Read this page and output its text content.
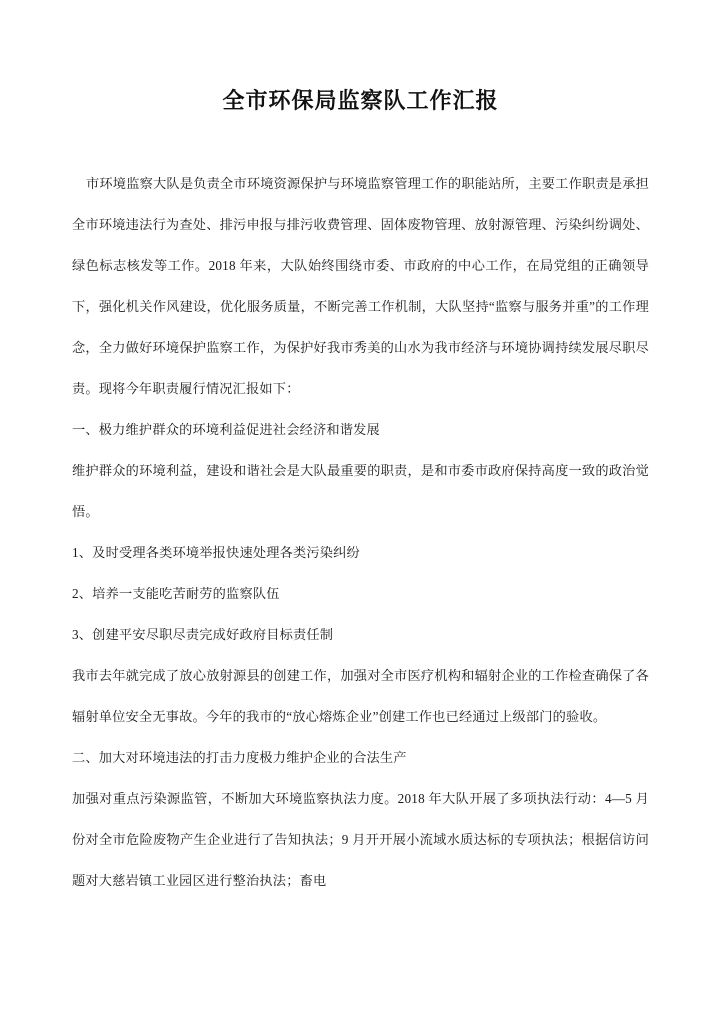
全市环保局监察队工作汇报

市环境监察大队是负责全市环境资源保护与环境监察管理工作的职能站所，主要工作职责是承担全市环境违法行为查处、排污申报与排污收费管理、固体废物管理、放射源管理、污染纠纷调处、绿色标志核发等工作。2018 年来，大队始终围绕市委、市政府的中心工作，在局党组的正确领导下，强化机关作风建设，优化服务质量，不断完善工作机制，大队坚持“监察与服务并重”的工作理念，全力做好环境保护监察工作，为保护好我市秀美的山水为我市经济与环境协调持续发展尽职尽责。现将今年职责履行情况汇报如下：

一、极力维护群众的环境利益促进社会经济和谐发展

维护群众的环境利益，建设和谐社会是大队最重要的职责，是和市委市政府保持高度一致的政治觉悟。

1、及时受理各类环境举报快速处理各类污染纠纷

2、培养一支能吃苦耐劳的监察队伍

3、创建平安尽职尽责完成好政府目标责任制

我市去年就完成了放心放射源县的创建工作，加强对全市医疗机构和辐射企业的工作检查确保了各辐射单位安全无事故。今年的我市的“放心熔炼企业”创建工作也已经通过上级部门的验收。

二、加大对环境违法的打击力度极力维护企业的合法生产

加强对重点污染源监管，不断加大环境监察执法力度。2018 年大队开展了多项执法行动：4—5 月份对全市危险废物产生企业进行了告知执法；9 月开开展小流域水质达标的专项执法；根据信访问题对大慈岩镇工业园区进行整治执法；畜电
